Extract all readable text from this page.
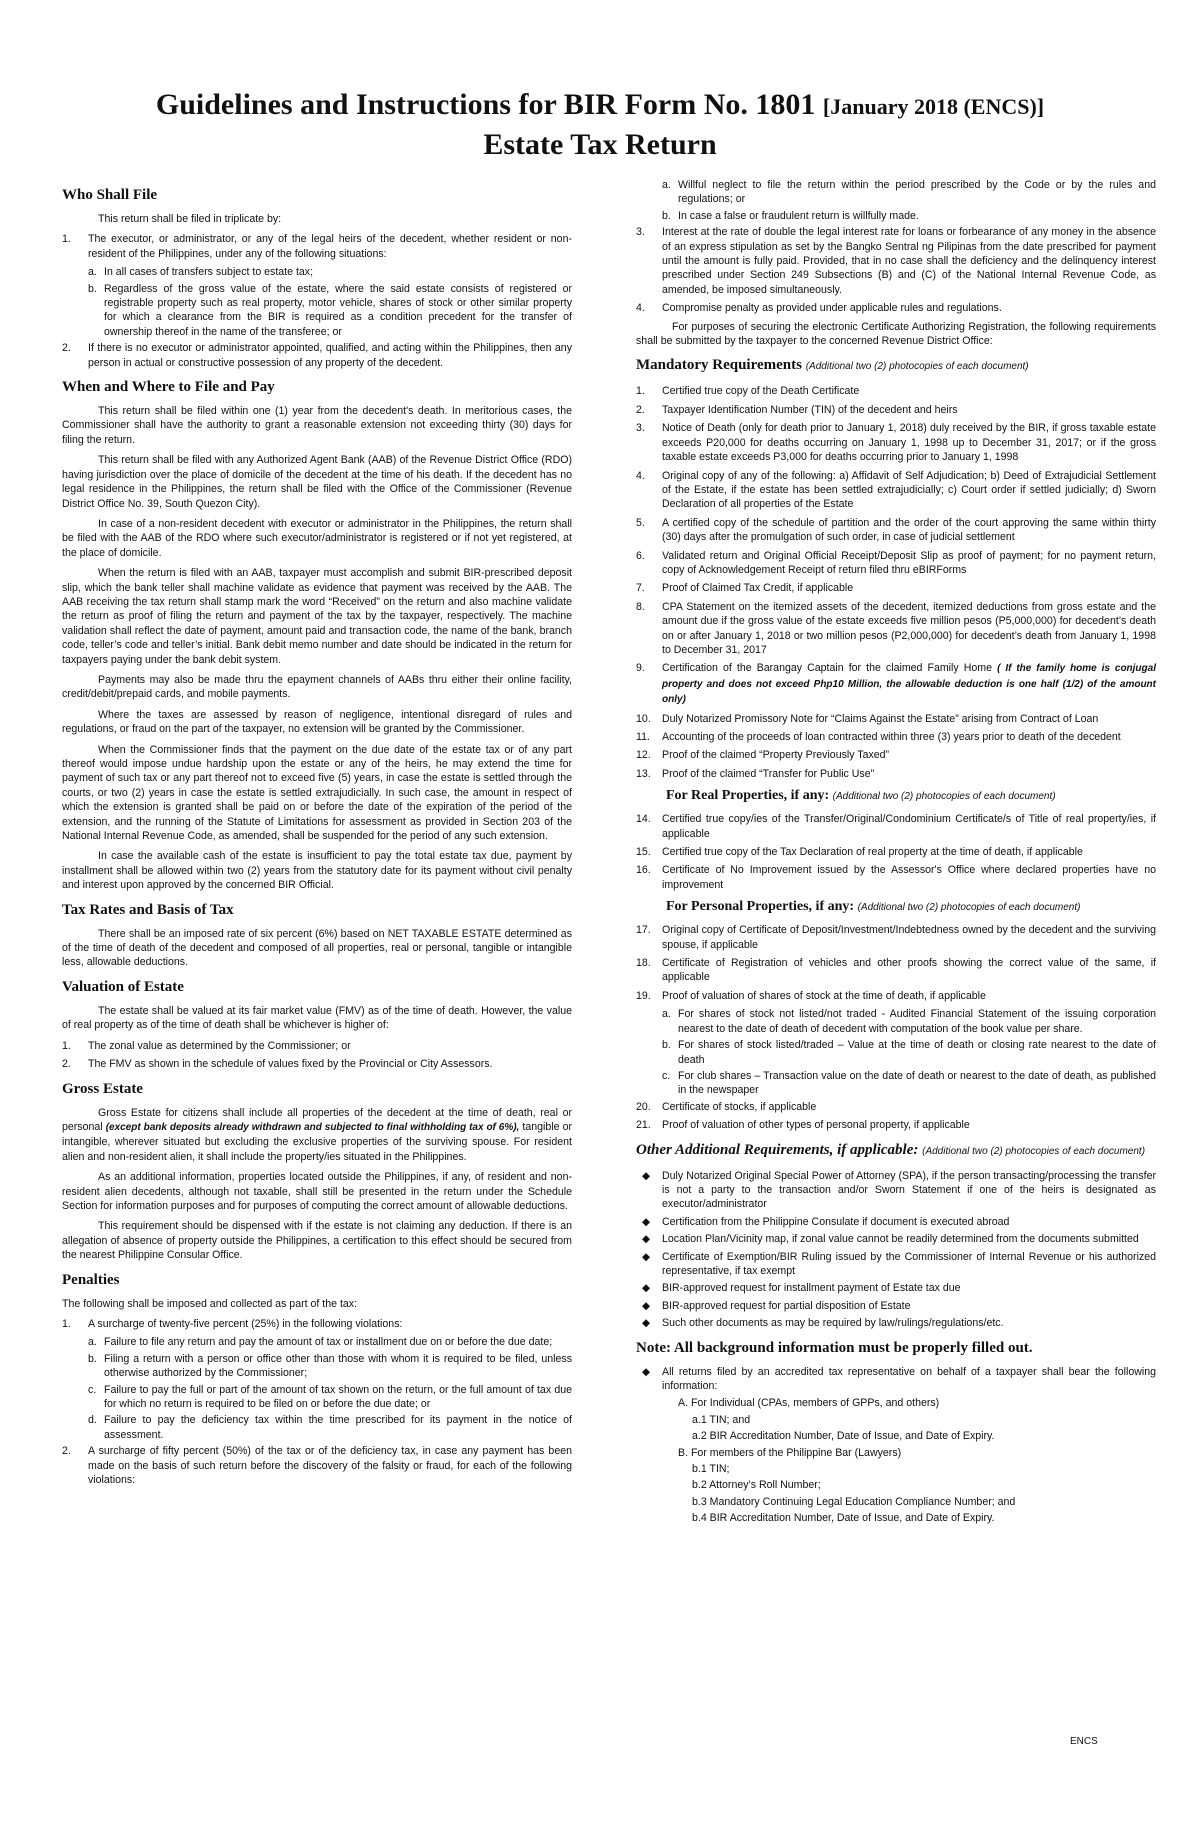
Guidelines and Instructions for BIR Form No. 1801 [January 2018 (ENCS)]
Estate Tax Return
Who Shall File

This return shall be filed in triplicate by:

1. The executor, or administrator, or any of the legal heirs of the decedent, whether resident or non-resident of the Philippines, under any of the following situations:
a. In all cases of transfers subject to estate tax;
b. Regardless of the gross value of the estate, where the said estate consists of registered or registrable property such as real property, motor vehicle, shares of stock or other similar property for which a clearance from the BIR is required as a condition precedent for the transfer of ownership thereof in the name of the transferee; or
2. If there is no executor or administrator appointed, qualified, and acting within the Philippines, then any person in actual or constructive possession of any property of the decedent.
When and Where to File and Pay

This return shall be filed within one (1) year from the decedent's death. In meritorious cases, the Commissioner shall have the authority to grant a reasonable extension not exceeding thirty (30) days for filing the return.

This return shall be filed with any Authorized Agent Bank (AAB) of the Revenue District Office (RDO) having jurisdiction over the place of domicile of the decedent at the time of his death. If the decedent has no legal residence in the Philippines, the return shall be filed with the Office of the Commissioner (Revenue District Office No. 39, South Quezon City).

In case of a non-resident decedent with executor or administrator in the Philippines, the return shall be filed with the AAB of the RDO where such executor/administrator is registered or if not yet registered, at the place of domicile.

When the return is filed with an AAB, taxpayer must accomplish and submit BIR-prescribed deposit slip, which the bank teller shall machine validate as evidence that payment was received by the AAB. The AAB receiving the tax return shall stamp mark the word “Received” on the return and also machine validate the return as proof of filing the return and payment of the tax by the taxpayer, respectively. The machine validation shall reflect the date of payment, amount paid and transaction code, the name of the bank, branch code, teller’s code and teller’s initial. Bank debit memo number and date should be indicated in the return for taxpayers paying under the bank debit system.

Payments may also be made thru the epayment channels of AABs thru either their online facility, credit/debit/prepaid cards, and mobile payments.

Where the taxes are assessed by reason of negligence, intentional disregard of rules and regulations, or fraud on the part of the taxpayer, no extension will be granted by the Commissioner.

When the Commissioner finds that the payment on the due date of the estate tax or of any part thereof would impose undue hardship upon the estate or any of the heirs, he may extend the time for payment of such tax or any part thereof not to exceed five (5) years, in case the estate is settled through the courts, or two (2) years in case the estate is settled extrajudicially. In such case, the amount in respect of which the extension is granted shall be paid on or before the date of the expiration of the period of the extension, and the running of the Statute of Limitations for assessment as provided in Section 203 of the National Internal Revenue Code, as amended, shall be suspended for the period of any such extension.

In case the available cash of the estate is insufficient to pay the total estate tax due, payment by installment shall be allowed within two (2) years from the statutory date for its payment without civil penalty and interest upon approved by the concerned BIR Official.

Tax Rates and Basis of Tax

There shall be an imposed rate of six percent (6%) based on NET TAXABLE ESTATE determined as of the time of death of the decedent and composed of all properties, real or personal, tangible or intangible less, allowable deductions.

Valuation of Estate

The estate shall be valued at its fair market value (FMV) as of the time of death. However, the value of real property as of the time of death shall be whichever is higher of:

1. The zonal value as determined by the Commissioner; or
2. The FMV as shown in the schedule of values fixed by the Provincial or City Assessors.
Gross Estate

Gross Estate for citizens shall include all properties of the decedent at the time of death, real or personal (except bank deposits already withdrawn and subjected to final withholding tax of 6%), tangible or intangible, wherever situated but excluding the exclusive properties of the surviving spouse. For resident alien and non-resident alien, it shall include the property/ies situated in the Philippines.

As an additional information, properties located outside the Philippines, if any, of resident and non-resident alien decedents, although not taxable, shall still be presented in the return under the Schedule Section for information purposes and for purposes of computing the correct amount of allowable deductions.

This requirement should be dispensed with if the estate is not claiming any deduction. If there is an allegation of absence of property outside the Philippines, a certification to this effect should be secured from the nearest Philippine Consular Office.

Penalties

The following shall be imposed and collected as part of the tax:

1. A surcharge of twenty-five percent (25%) in the following violations:
a. Failure to file any return and pay the amount of tax or installment due on or before the due date;
b. Filing a return with a person or office other than those with whom it is required to be filed, unless otherwise authorized by the Commissioner;
c. Failure to pay the full or part of the amount of tax shown on the return, or the full amount of tax due for which no return is required to be filed on or before the due date; or
d. Failure to pay the deficiency tax within the time prescribed for its payment in the notice of assessment.
2. A surcharge of fifty percent (50%) of the tax or of the deficiency tax, in case any payment has been made on the basis of such return before the discovery of the falsity or fraud, for each of the following violations:
a. Willful neglect to file the return within the period prescribed by the Code or by the rules and regulations; or
b. In case a false or fraudulent return is willfully made.
3. Interest at the rate of double the legal interest rate for loans or forbearance of any money in the absence of an express stipulation as set by the Bangko Sentral ng Pilipinas from the date prescribed for payment until the amount is fully paid. Provided, that in no case shall the deficiency and the delinquency interest prescribed under Section 249 Subsections (B) and (C) of the National Internal Revenue Code, as amended, be imposed simultaneously.
4. Compromise penalty as provided under applicable rules and regulations.

For purposes of securing the electronic Certificate Authorizing Registration, the following requirements shall be submitted by the taxpayer to the concerned Revenue District Office:

Mandatory Requirements (Additional two (2) photocopies of each document)
1. Certified true copy of the Death Certificate
2. Taxpayer Identification Number (TIN) of the decedent and heirs
3. Notice of Death (only for death prior to January 1, 2018) duly received by the BIR, if gross taxable estate exceeds P20,000 for deaths occurring on January 1, 1998 up to December 31, 2017; or if the gross taxable estate exceeds P3,000 for deaths occurring prior to January 1, 1998
4. Original copy of any of the following: a) Affidavit of Self Adjudication; b) Deed of Extrajudicial Settlement of the Estate, if the estate has been settled extrajudicially; c) Court order if settled judicially; d) Sworn Declaration of all properties of the Estate
5. A certified copy of the schedule of partition and the order of the court approving the same within thirty (30) days after the promulgation of such order, in case of judicial settlement
6. Validated return and Original Official Receipt/Deposit Slip as proof of payment; for no payment return, copy of Acknowledgement Receipt of return filed thru eBIRForms
7. Proof of Claimed Tax Credit, if applicable
8. CPA Statement on the itemized assets of the decedent, itemized deductions from gross estate and the amount due if the gross value of the estate exceeds five million pesos (P5,000,000) for decedent’s death on or after January 1, 2018 or two million pesos (P2,000,000) for decedent’s death from January 1, 1998 to December 31, 2017
9. Certification of the Barangay Captain for the claimed Family Home ( If the family home is conjugal property and does not exceed Php10 Million, the allowable deduction is one half (1/2) of the amount only)
10. Duly Notarized Promissory Note for “Claims Against the Estate” arising from Contract of Loan
11. Accounting of the proceeds of loan contracted within three (3) years prior to death of the decedent
12. Proof of the claimed “Property Previously Taxed”
13. Proof of the claimed “Transfer for Public Use”
For Real Properties, if any: (Additional two (2) photocopies of each document)
14. Certified true copy/ies of the Transfer/Original/Condominium Certificate/s of Title of real property/ies, if applicable
15. Certified true copy of the Tax Declaration of real property at the time of death, if applicable
16. Certificate of No Improvement issued by the Assessor's Office where declared properties have no improvement
For Personal Properties, if any: (Additional two (2) photocopies of each document)
17. Original copy of Certificate of Deposit/Investment/Indebtedness owned by the decedent and the surviving spouse, if applicable
18. Certificate of Registration of vehicles and other proofs showing the correct value of the same, if applicable
19. Proof of valuation of shares of stock at the time of death, if applicable
a. For shares of stock not listed/not traded - Audited Financial Statement of the issuing corporation nearest to the date of death of decedent with computation of the book value per share.
b. For shares of stock listed/traded – Value at the time of death or closing rate nearest to the date of death
c. For club shares – Transaction value on the date of death or nearest to the date of death, as published in the newspaper
20. Certificate of stocks, if applicable
21. Proof of valuation of other types of personal property, if applicable
Other Additional Requirements, if applicable: (Additional two (2) photocopies of each document)
◆ Duly Notarized Original Special Power of Attorney (SPA), if the person transacting/processing the transfer is not a party to the transaction and/or Sworn Statement if one of the heirs is designated as executor/administrator
◆ Certification from the Philippine Consulate if document is executed abroad
◆ Location Plan/Vicinity map, if zonal value cannot be readily determined from the documents submitted
◆ Certificate of Exemption/BIR Ruling issued by the Commissioner of Internal Revenue or his authorized representative, if tax exempt
◆ BIR-approved request for installment payment of Estate tax due
◆ BIR-approved request for partial disposition of Estate
◆ Such other documents as may be required by law/rulings/regulations/etc.
Note: All background information must be properly filled out.
◆ All returns filed by an accredited tax representative on behalf of a taxpayer shall bear the following information:
A. For Individual (CPAs, members of GPPs, and others)
a.1 TIN; and
a.2 BIR Accreditation Number, Date of Issue, and Date of Expiry.
B. For members of the Philippine Bar (Lawyers)
b.1 TIN;
b.2 Attorney’s Roll Number;
b.3 Mandatory Continuing Legal Education Compliance Number; and
b.4 BIR Accreditation Number, Date of Issue, and Date of Expiry.
ENCS
